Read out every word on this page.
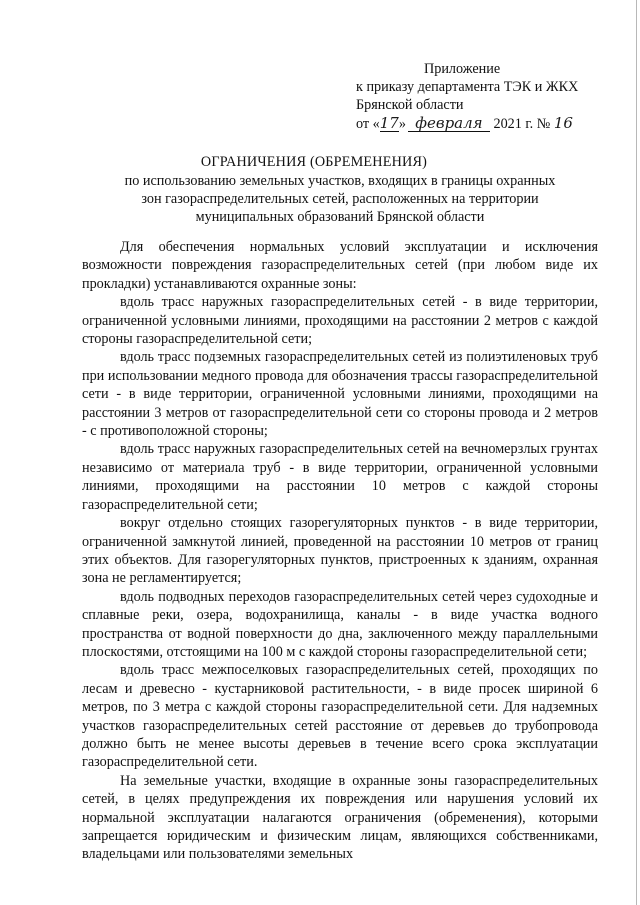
Приложение
к приказу департамента ТЭК и ЖКХ
Брянской области
от «17» февраля 2021 г. № 16
ОГРАНИЧЕНИЯ (ОБРЕМЕНЕНИЯ)
по использованию земельных участков, входящих в границы охранных
зон газораспределительных сетей, расположенных на территории
муниципальных образований Брянской области

Для обеспечения нормальных условий эксплуатации и исключения возможности повреждения газораспределительных сетей (при любом виде их прокладки) устанавливаются охранные зоны:

вдоль трасс наружных газораспределительных сетей - в виде территории, ограниченной условными линиями, проходящими на расстоянии 2 метров с каждой стороны газораспределительной сети;

вдоль трасс подземных газораспределительных сетей из полиэтиленовых труб при использовании медного провода для обозначения трассы газораспределительной сети - в виде территории, ограниченной условными линиями, проходящими на расстоянии 3 метров от газораспределительной сети со стороны провода и 2 метров - с противоположной стороны;

вдоль трасс наружных газораспределительных сетей на вечномерзлых грунтах независимо от материала труб - в виде территории, ограниченной условными линиями, проходящими на расстоянии 10 метров с каждой стороны газораспределительной сети;

вокруг отдельно стоящих газорегуляторных пунктов - в виде территории, ограниченной замкнутой линией, проведенной на расстоянии 10 метров от границ этих объектов. Для газорегуляторных пунктов, пристроенных к зданиям, охранная зона не регламентируется;

вдоль подводных переходов газораспределительных сетей через судоходные и сплавные реки, озера, водохранилища, каналы - в виде участка водного пространства от водной поверхности до дна, заключенного между параллельными плоскостями, отстоящими на 100 м с каждой стороны газораспределительной сети;

вдоль трасс межпоселковых газораспределительных сетей, проходящих по лесам и древесно - кустарниковой растительности, - в виде просек шириной 6 метров, по 3 метра с каждой стороны газораспределительной сети. Для надземных участков газораспределительных сетей расстояние от деревьев до трубопровода должно быть не менее высоты деревьев в течение всего срока эксплуатации газораспределительной сети.

На земельные участки, входящие в охранные зоны газораспределительных сетей, в целях предупреждения их повреждения или нарушения условий их нормальной эксплуатации налагаются ограничения (обременения), которыми запрещается юридическим и физическим лицам, являющихся собственниками, владельцами или пользователями земельных
